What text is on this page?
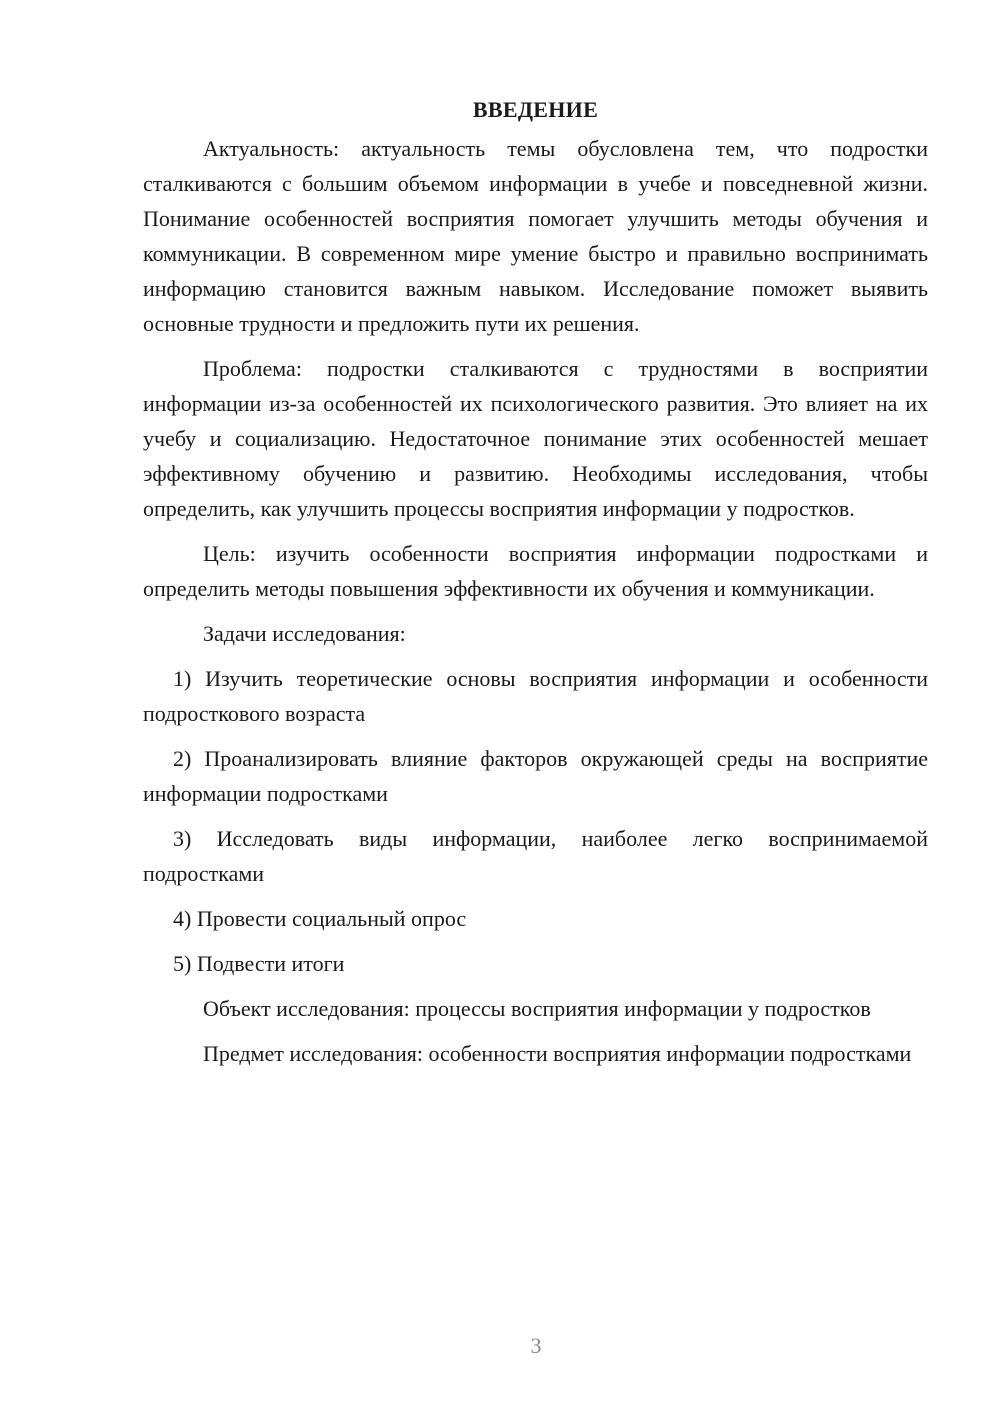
ВВЕДЕНИЕ

Актуальность: актуальность темы обусловлена тем, что подростки сталкиваются с большим объемом информации в учебе и повседневной жизни. Понимание особенностей восприятия помогает улучшить методы обучения и коммуникации. В современном мире умение быстро и правильно воспринимать информацию становится важным навыком. Исследование поможет выявить основные трудности и предложить пути их решения.

Проблема: подростки сталкиваются с трудностями в восприятии информации из-за особенностей их психологического развития. Это влияет на их учебу и социализацию. Недостаточное понимание этих особенностей мешает эффективному обучению и развитию. Необходимы исследования, чтобы определить, как улучшить процессы восприятия информации у подростков.

Цель: изучить особенности восприятия информации подростками и определить методы повышения эффективности их обучения и коммуникации.

Задачи исследования:

1) Изучить теоретические основы восприятия информации и особенности подросткового возраста

2) Проанализировать влияние факторов окружающей среды на восприятие информации подростками

3) Исследовать виды информации, наиболее легко воспринимаемой подростками

4) Провести социальный опрос

5) Подвести итоги

Объект исследования: процессы восприятия информации у подростков

Предмет исследования: особенности восприятия информации подростками

3
